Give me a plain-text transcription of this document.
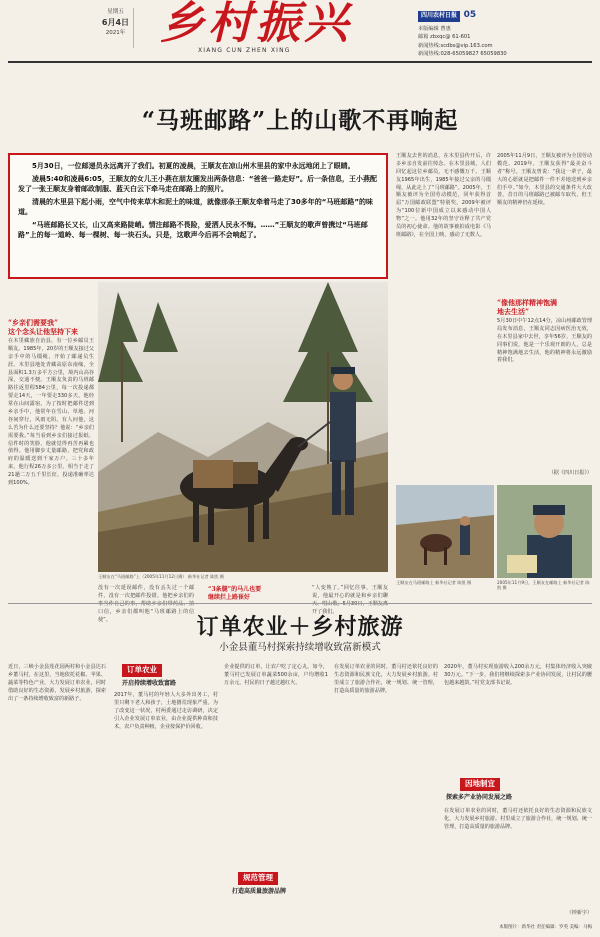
星期五
6月4日
2021年 乡村振兴
XIANG CUN ZHEN XING
四川农村日报 05
本版编辑 曹惠
邮箱 zbxqc@ 61-601
新闻热线:scdbs@vip.163.com
新闻热线:028-65059827 65059830
“马班邮路”上的山歌不再响起

5月30日，一位邮递员永远离开了我们。初夏的凌晨，王顺友在凉山州木里县的家中永远地闭上了眼睛。

凌晨5:40和凌晨6:05，王顺友的女儿王小燕在朋友圈发出两条信息：“爸爸一路走好”。后一条信息，王小燕配发了一张王顺友身着邮政制服、蓝天白云下牵马走在邮路上的照片。

清晨的木里县下起小雨，空气中传来草木和泥土的味道，就像那条王顺友牵着马走了30多年的“马班邮路”的味道。

“马班邮路长又长，山又高来路陡峭。情注邮路不畏险，爱洒人民永不悔。……”王顺友的歌声曾携过“马班邮路”上的每一道岭、每一棵树、每一块石头。只是，这歌声今后再不会响起了。

“乡亲们需要我”
这个念头让他坚持下来
在木里藏族自治县，有一位乡邮员王顺友。1985年，20岁的王顺友接过父亲手中的马缰绳，开始了邮递员生涯。木里县地处青藏高原东南缘，全县面积1.3万多平方公里，境内山高谷深，交通不便。王顺友负责的马班邮路往返里程584公里，每一次投递都要走14天，一年要走330多天，他经常在山间露宿。为了按时把邮件送到乡亲手中，他常年在雪山、草地、河谷间穿行，风雨无阻。有人问他，这么苦为什么还要坚持？他说：“乡亲们需要我。”每当看到乡亲们接过报纸、信件时的笑脸，他就觉得再苦再累也值得。他用脚步丈量邮路，把党和政府的温暖送到千家万户。三十多年来，他行程26万多公里，相当于走了21趟二万五千里长征，投递准确率达到100%。
王顺友在“马班邮路”上（2005年11月12日摄） 新华社记者 陈凯 摄
没有一次延误邮件，没有丢失过一个邮件，没有一次把邮件投错。他把乡亲们的 口信，乡亲们都叫他“马班邮路上的信使”。
“3条腿”的马儿也要
继续拦上路崔好
“人变熟了。”回忆往事，王顺友说，他最开心的就是和乡亲们聊 开了我们。
王顺友去世的消息，在木里县传开后，许多乡亲自发前往悼念。在木里县城，人们回忆起这位乡邮员，无不感慨万千。王顺友1965年出生，1985年接过父亲的马缰绳，从此走上了“马班邮路”。2005年，王顺友被评为全国劳动模范，同年获得首届“万国邮政联盟”特别奖，2009年被评为“100位新中国成立以来感动中国人物”之一。他用32年的坚守诠释了共产党员的初心使命。他的故事被拍成电影《马班邮路》，在全国上映，感动了无数人。
2005年11月9日，王顺友被评为全国劳动模范。2019年，王顺友获得“最美奋斗者”称号。王顺友曾说：“我这一辈子，最大的心愿就是把邮件一件不差地送到乡亲们手中。”如今，木里县的交通条件大大改善，昔日的马班邮路已被邮车取代，但王顺友的精神仍在延续。
“像他那样精神饱满
地去生活”
5月30日中午12点14分，凉山州邮政管理局发布消息，王顺友同志因病医治无效，在木里县家中去世，享年56岁。王顺友的同事们说，他是一个乐观开朗的人，总是精神饱满地去生活，他的精神将永远激励着我们。
（据《四川日报》）
王顺友在马班邮路上 新华社记者 陈凯 摄	2005年11月9日，王顺友在邮路上 新华社记者 陈凯 摄
订单农业＋乡村旅游
小金县董马村探索持续增收致富新模式
近日，三峡小金县莲花园两村和小金县达石乡董马村，在这里，当地依托花椒、苹果、蔬菜等特色产业，大力发展订单农业，同时借助良好的生态资源，发展乡村旅游，探索出了一条持续增收致富的新路子。
订单农业
开启持续增收致富路
2017年，董马村的年轻人大多外出务工，村里只剩下老人和孩子，土地撂荒现象严重。为了改变这一状况，村两委通过走访调研，决定引入企业发展订单农业，由企业提供种苗和技术，农户负责种植，企业按保护价回收。
企业提供的订单，让农户吃了定心丸。如今，董马村已发展订单蔬菜500余亩，户均增收1万余元，村民的日子越过越红火。
规范管理
打造高质量旅游品牌
在发展订单农业的同时，董马村还依托良好的生态资源和民族文化，大力发展乡村旅游。村里成立了旅游合作社，统一规划、统一管理，打造高质量的旅游品牌。
因地制宜
探索多产业协同发展之路
2020年，董马村实现旅游收入200余万元，村集体经济收入突破30万元。“下一步，我们将继续探索多产业协同发展，让村民的腰包越来越鼓。”村党支部书记说。
在发展订单农业的同时，董马村还依托良好的生态资源和民族文化，大力发展乡村旅游。村里成立了旅游合作社，统一规划、统一管理，打造高质量的旅游品牌。
（钟新宇）
本版图片：新华社 责任编辑：罗英 美编：马梅
